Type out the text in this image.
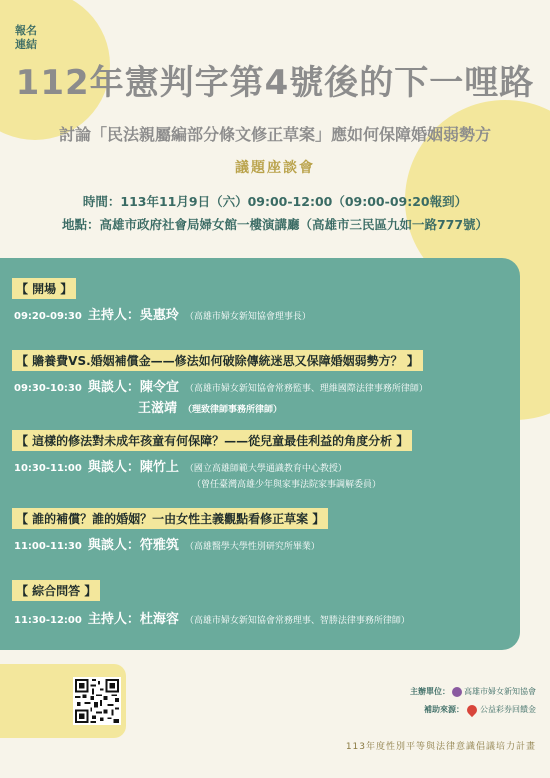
112年憲判字第4號後的下一哩路
討論「民法親屬編部分條文修正草案」應如何保障婚姻弱勢方
議題座談會
時間：113年11月9日（六）09:00-12:00（09:00-09:20報到）
地點：高雄市政府社會局婦女館一樓演講廳（高雄市三民區九如一路777號）
【 開場 】
09:20-09:30 主持人：吳惠玲 （高雄市婦女新知協會理事長）
【 贍養費VS.婚姻補償金——修法如何破除傳統迷思又保障婚姻弱勢方？ 】
09:30-10:30 與談人：陳令宜 （高雄市婦女新知協會常務監事、理維國際法律事務所律師）
王滋靖 （理致律師事務所律師）
【 這樣的修法對未成年孩童有何保障？——從兒童最佳利益的角度分析 】
10:30-11:00 與談人：陳竹上 （國立高雄師範大學通識教育中心教授）
（曾任臺灣高雄少年與家事法院家事調解委員）
【 誰的補償？誰的婚姻？一由女性主義觀點看修正草案 】
11:00-11:30 與談人：符雅筑 （高雄醫學大學性別研究所畢業）
【 綜合問答 】
11:30-12:00 主持人：杜海容 （高雄市婦女新知協會常務理事、智勝法律事務所律師）
報名連結
主辦單位： 高雄市婦女新知協會
補助來源： 公益彩券回饋金
113年度性別平等與法律意識倡議培力計畫
